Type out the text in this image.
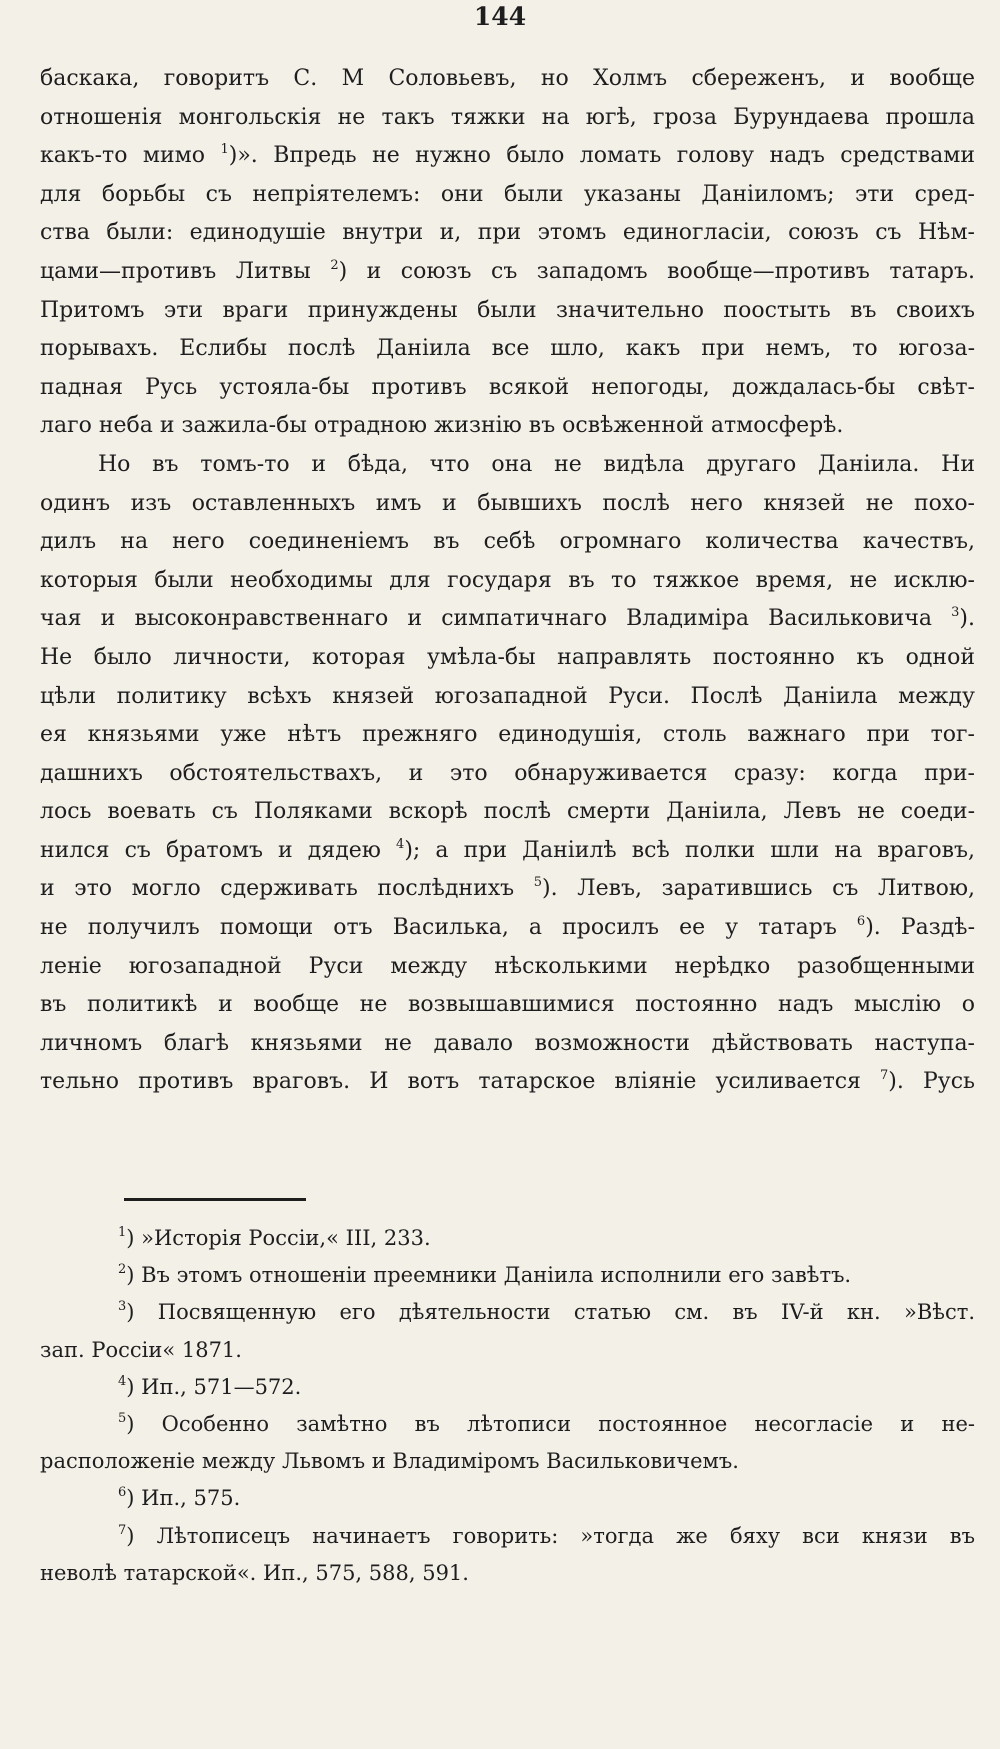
144
баскака, говоритъ С. М Соловьевъ, но Холмъ сбереженъ, и вообще
отношенія монгольскія не такъ тяжки на югѣ, гроза Бурундаева прошла
какъ-то мимо $^1$)». Впредь не нужно было ломать голову надъ средствами
для борьбы съ непріятелемъ: они были указаны Даніиломъ; эти сред-
ства были: единодушіе внутри и, при этомъ единогласіи, союзъ съ Нѣм-
цами—противъ Литвы $^2$) и союзъ съ западомъ вообще—противъ татаръ.
Притомъ эти враги принуждены были значительно поостыть въ своихъ
порывахъ. Еслибы послѣ Даніила все шло, какъ при немъ, то югоза-
падная Русь устояла-бы противъ всякой непогоды, дождалась-бы свѣт-
лаго неба и зажила-бы отрадною жизнію въ освѣженной атмосферѣ.
Но въ томъ-то и бѣда, что она не видѣла другаго Даніила. Ни
одинъ изъ оставленныхъ имъ и бывшихъ послѣ него князей не похо-
дилъ на него соединеніемъ въ себѣ огромнаго количества качествъ,
которыя были необходимы для государя въ то тяжкое время, не исклю-
чая и высоконравственнаго и симпатичнаго Владиміра Васильковича $^3$).
Не было личности, которая умѣла-бы направлять постоянно къ одной
цѣли политику всѣхъ князей югозападной Руси. Послѣ Даніила между
ея князьями уже нѣтъ прежняго единодушія, столь важнаго при тог-
дашнихъ обстоятельствахъ, и это обнаруживается сразу: когда при-
лось воевать съ Поляками вскорѣ послѣ смерти Даніила, Левъ не соеди-
нился съ братомъ и дядею $^4$); а при Даніилѣ всѣ полки шли на враговъ,
и это могло сдерживать послѣднихъ $^5$). Левъ, заратившись съ Литвою,
не получилъ помощи отъ Василька, а просилъ ее у татаръ $^6$). Раздѣ-
леніе югозападной Руси между нѣсколькими нерѣдко разобщенными
въ политикѣ и вообще не возвышавшимися постоянно надъ мыслію о
личномъ благѣ князьями не давало возможности дѣйствовать наступа-
тельно противъ враговъ. И вотъ татарское вліяніе усиливается $^7$). Русь
$^1$) »Исторія Россіи,« III, 233.
$^2$) Въ этомъ отношеніи преемники Даніила исполнили его завѣтъ.
$^3$) Посвященную его дѣятельности статью см. въ IV-й кн. »Вѣст.
зап. Россіи« 1871.
$^4$) Ип., 571—572.
$^5$) Особенно замѣтно въ лѣтописи постоянное несогласіе и не-
расположеніе между Львомъ и Владиміромъ Васильковичемъ.
$^6$) Ип., 575.
$^7$) Лѣтописецъ начинаетъ говорить: »тогда же бяху вси князи въ
неволѣ татарской«. Ип., 575, 588, 591.
